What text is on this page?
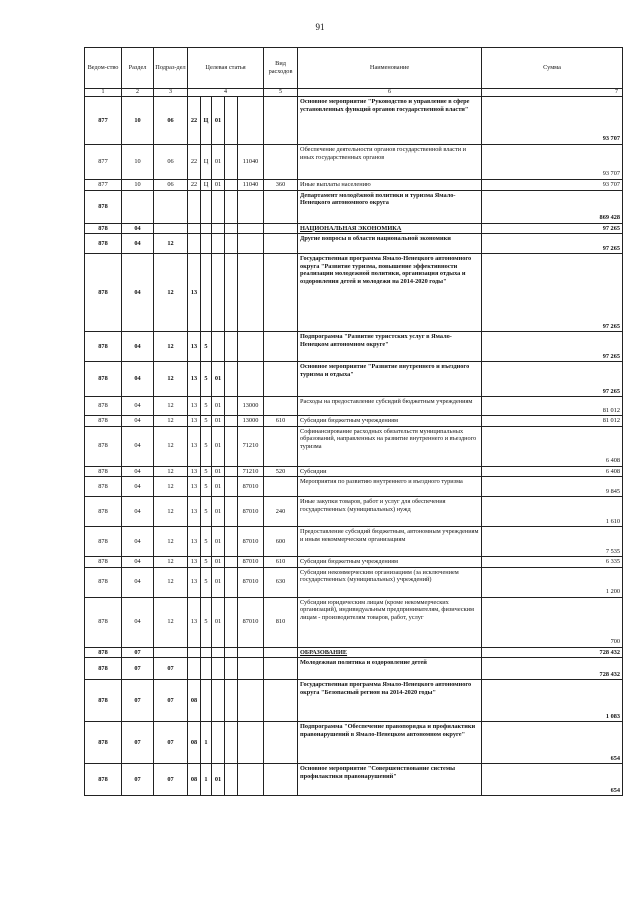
91
Ведом-ство	Раздел	Подраз-дел	Целевая статья					Вид расходов	Наименование	Сумма
1	2	3	4					5	6	7
877	10	06	22	Ц	01				Основное мероприятие "Руководство и управление в сфере установленных функций органов государственной власти"	93 707
877	10	06	22	Ц	01		11040		Обеспечение деятельности органов государственной власти и иных государственных органов	93 707
877	10	06	22	Ц	01		11040	360	Иные выплаты населению	93 707
878									Департамент молодёжной политики и туризма Ямало-Ненецкого автономного округа	869 428
878	04								НАЦИОНАЛЬНАЯ ЭКОНОМИКА	97 265
878	04	12							Другие вопросы в области национальной экономики	97 265
878	04	12	13						Государственная программа Ямало-Ненецкого автономного округа "Развитие туризма, повышение эффективности реализации молодежной политики, организация отдыха и оздоровления детей и молодежи на 2014-2020 годы"	97 265
878	04	12	13	5					Подпрограмма "Развитие туристских услуг в Ямало-Ненецком автономном округе"	97 265
878	04	12	13	5	01				Основное мероприятие "Развитие внутреннего и въездного туризма и отдыха"	97 265
878	04	12	13	5	01		13000		Расходы на предоставление субсидий бюджетным учреждениям	81 012
878	04	12	13	5	01		13000	610	Субсидии бюджетным учреждениям	81 012
878	04	12	13	5	01		71210		Софинансирование расходных обязательств муниципальных образований, направленных на развитие внутреннего и въездного туризма	6 408
878	04	12	13	5	01		71210	520	Субсидии	6 408
878	04	12	13	5	01		87010		Мероприятия по развитию внутреннего и въездного туризма	9 845
878	04	12	13	5	01		87010	240	Иные закупки товаров, работ и услуг для обеспечения государственных (муниципальных) нужд	1 610
878	04	12	13	5	01		87010	600	Предоставление субсидий бюджетным, автономным учреждениям и иным некоммерческим организациям	7 535
878	04	12	13	5	01		87010	610	Субсидии бюджетным учреждениям	6 335
878	04	12	13	5	01		87010	630	Субсидии некоммерческим организациям (за исключением государственных (муниципальных) учреждений)	1 200
878	04	12	13	5	01		87010	810	Субсидии юридическим лицам (кроме некоммерческих организаций), индивидуальным предпринимателям, физическим лицам - производителям товаров, работ, услуг	700
878	07								ОБРАЗОВАНИЕ	728 432
878	07	07							Молодежная политика и оздоровление детей	728 432
878	07	07	08						Государственная программа Ямало-Ненецкого автономного округа "Безопасный регион на 2014-2020 годы"	1 083
878	07	07	08	1					Подпрограмма "Обеспечение правопорядка и профилактики правонарушений в Ямало-Ненецком автономном округе"	654
878	07	07	08	1	01				Основное мероприятие "Совершенствование системы профилактики правонарушений"	654
